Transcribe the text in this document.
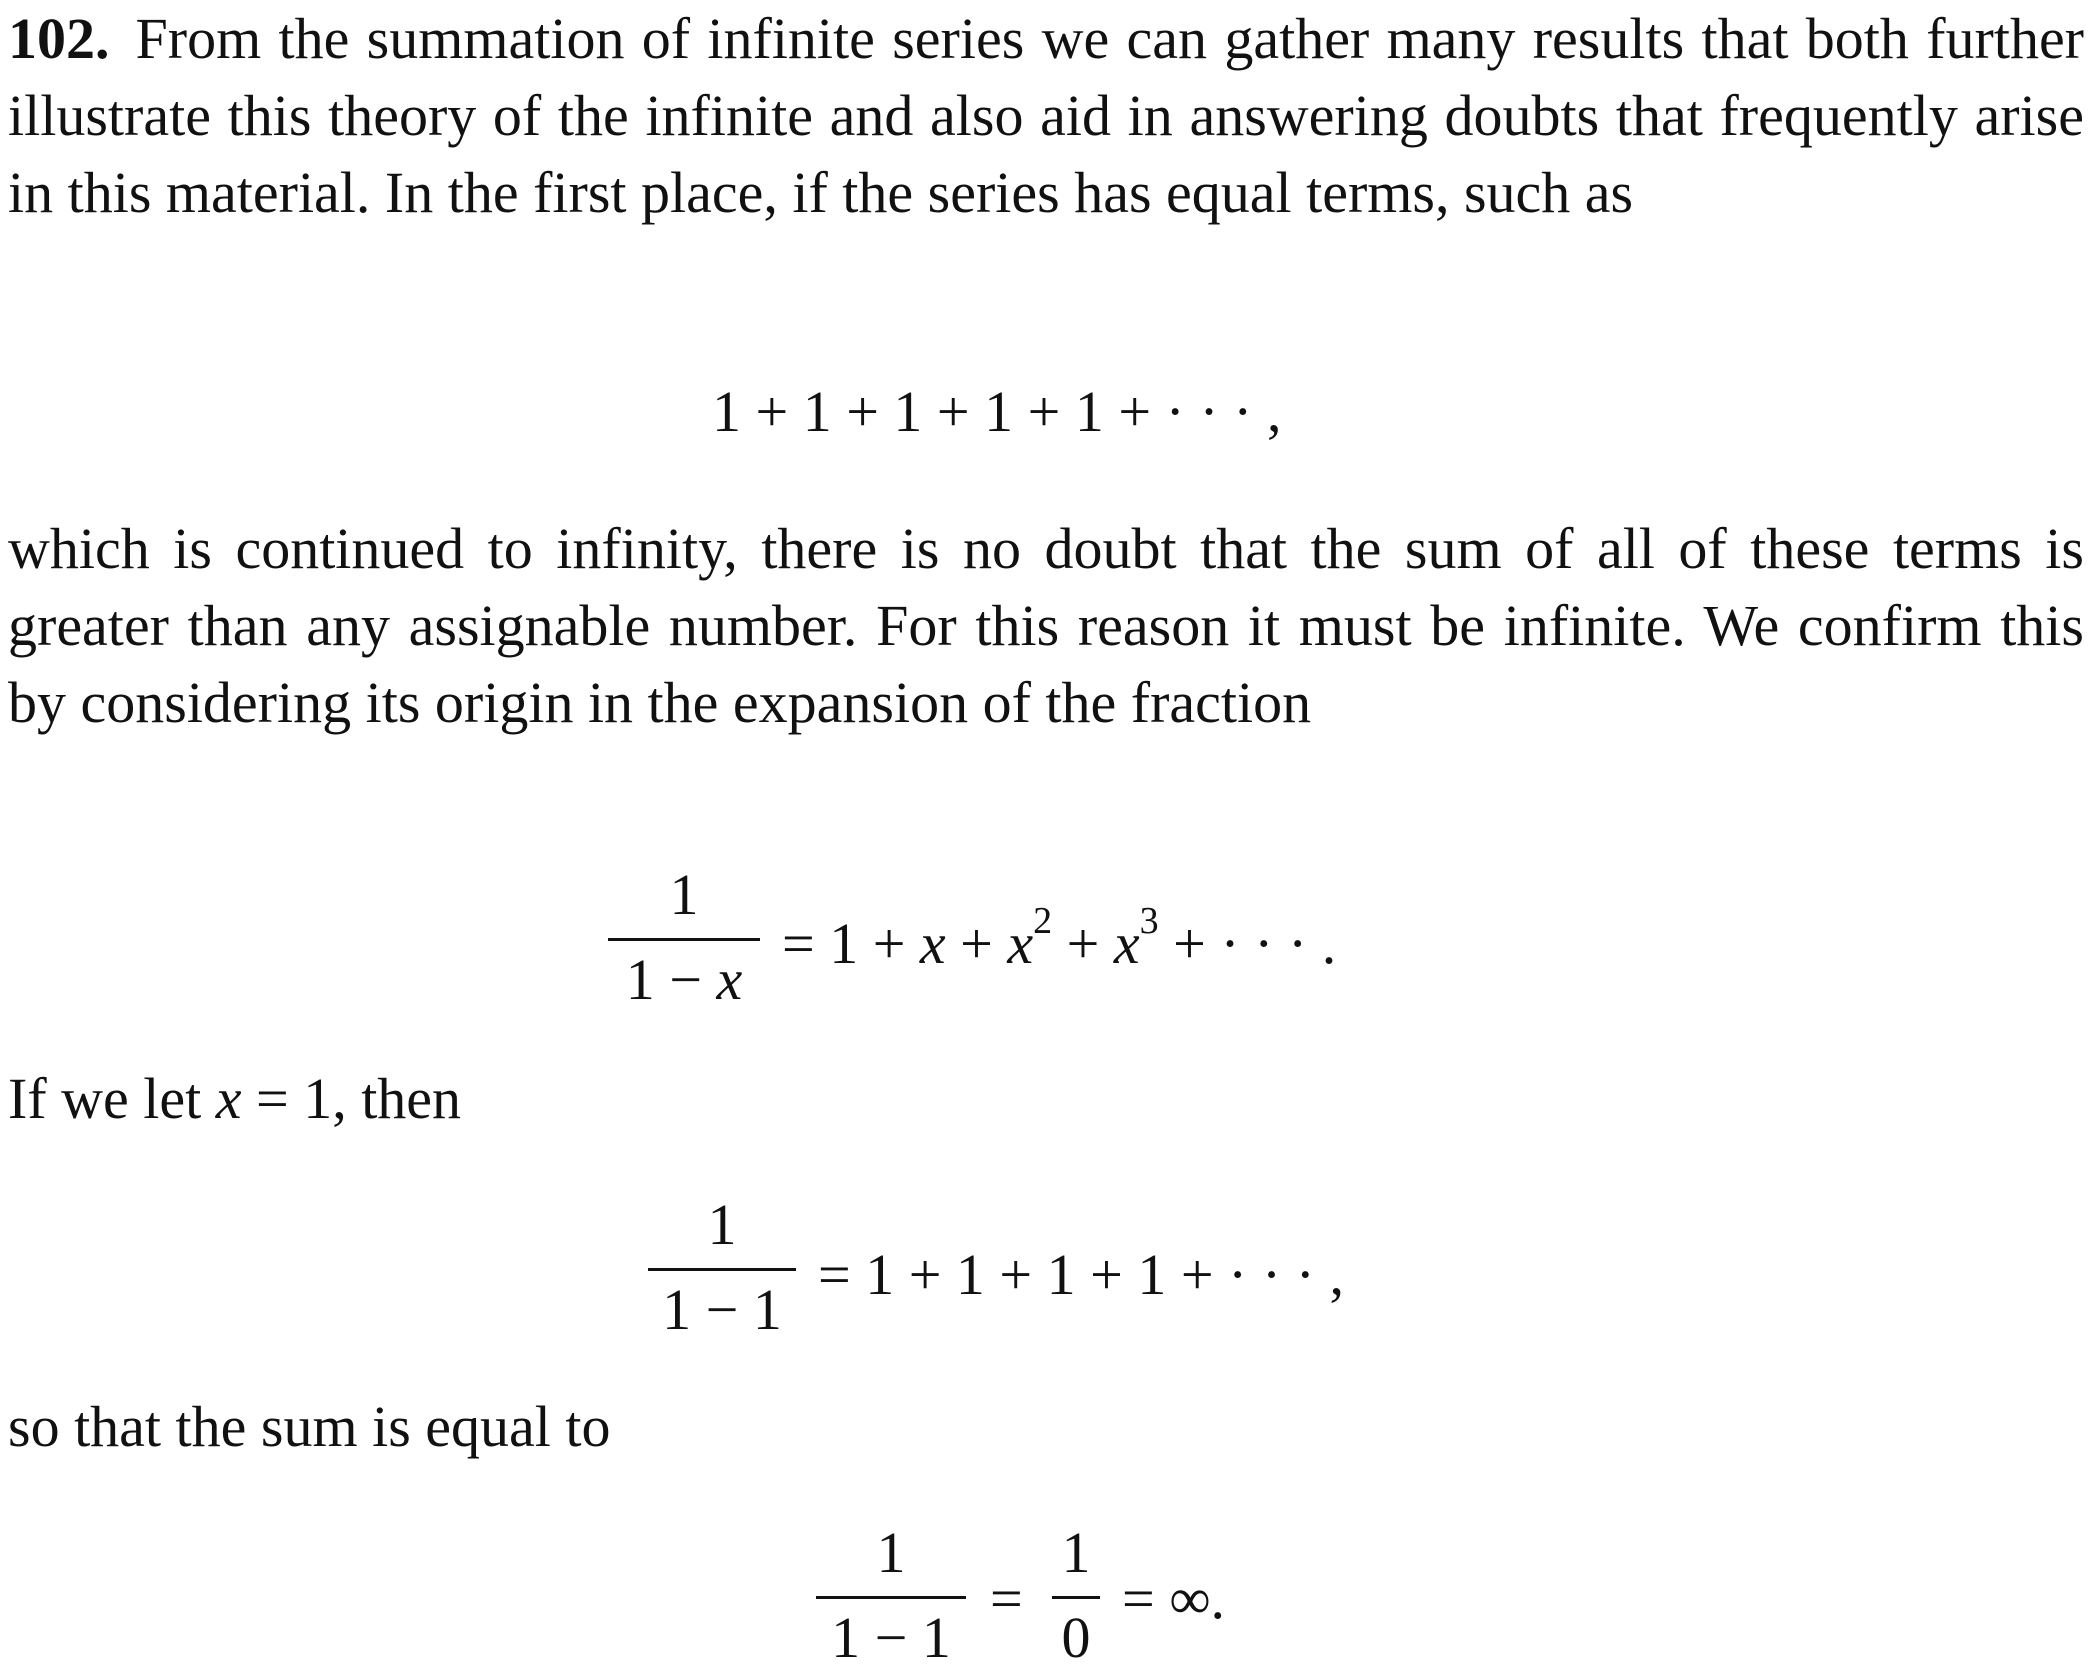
102. From the summation of infinite series we can gather many results that both further illustrate this theory of the infinite and also aid in answering doubts that frequently arise in this material. In the first place, if the series has equal terms, such as
1 + 1 + 1 + 1 + 1 + · · · ,
which is continued to infinity, there is no doubt that the sum of all of these terms is greater than any assignable number. For this reason it must be infinite. We confirm this by considering its origin in the expansion of the fraction
1
1 − x
= $1 + x + x^2 + x^3$ + · · · .
If we let x = 1, then
1
1 − 1
= 1 + 1 + 1 + 1 + · · · ,
so that the sum is equal to
1
1 − 1
=
1
0
= ∞.
